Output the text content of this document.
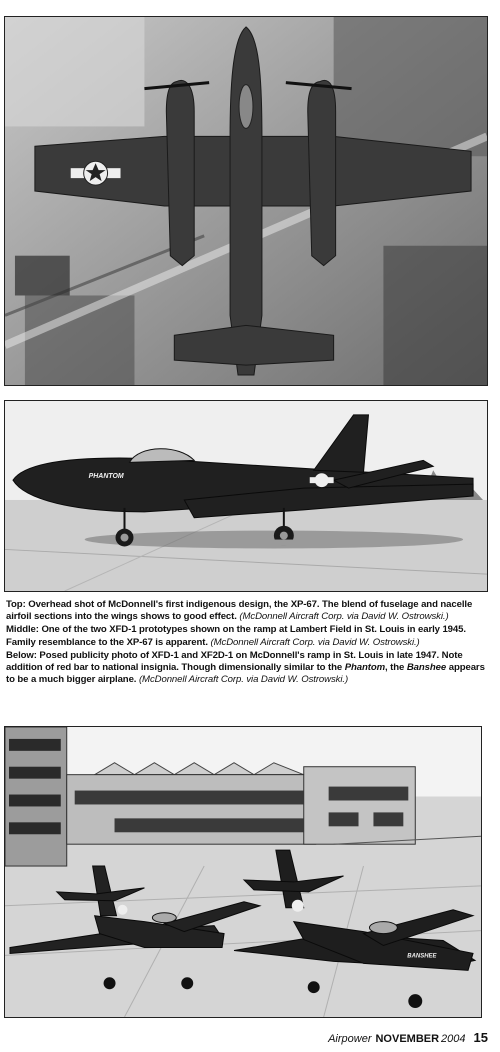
PHANTOM

Top: Overhead shot of McDonnell's first indigenous design, the XP-67. The blend of fuselage and nacelle airfoil sections into the wings shows to good effect. (McDonnell Aircraft Corp. via David W. Ostrowski.)

Middle: One of the two XFD-1 prototypes shown on the ramp at Lambert Field in St. Louis in early 1945. Family resemblance to the XP-67 is apparent. (McDonnell Aircraft Corp. via David W. Ostrowski.)

Below: Posed publicity photo of XFD-1 and XF2D-1 on McDonnell's ramp in St. Louis in late 1947. Note addition of red bar to national insignia. Though dimensionally similar to the Phantom, the Banshee appears to be a much bigger airplane. (McDonnell Aircraft Corp. via David W. Ostrowski.)

BANSHEE
Airpower NOVEMBER 2004 15
